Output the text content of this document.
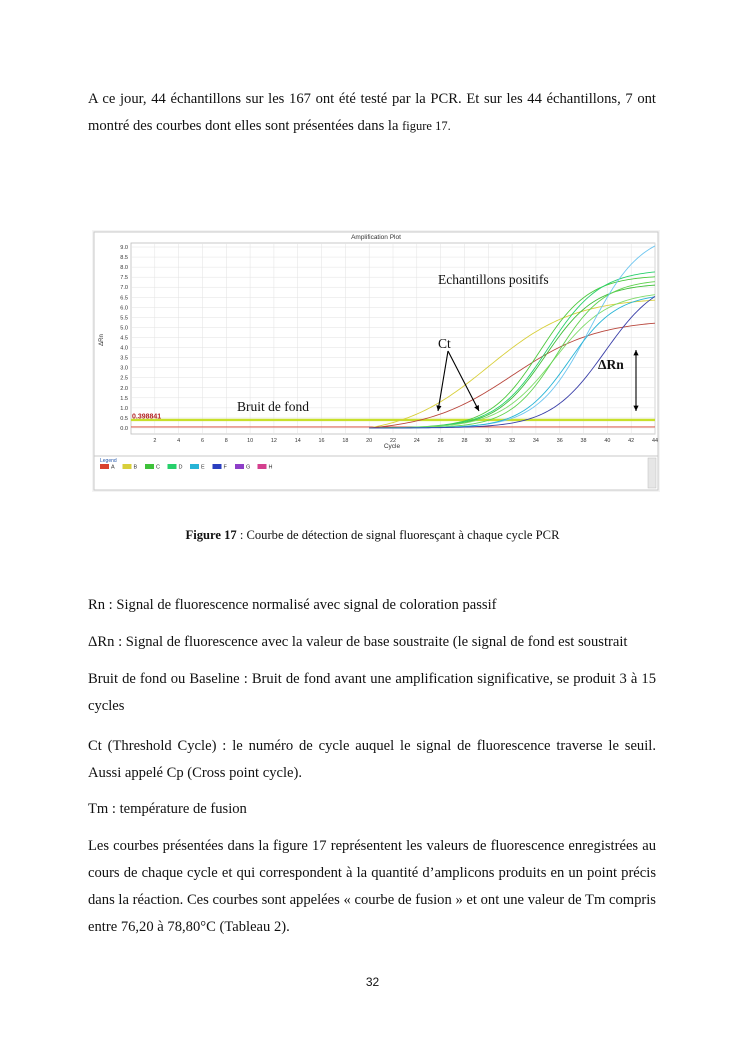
A ce jour, 44 échantillons sur les 167 ont été testé par la PCR. Et sur les 44 échantillons, 7 ont montré des courbes dont elles sont présentées dans la figure 17.

Amplification Plot
0.0
0.5
1.0
1.5
2.0
2.5
3.0
3.5
4.0
4.5
5.0
5.5
6.0
6.5
7.0
7.5
8.0
8.5
9.0
2	4	6	8	10	12	14	16	18	20	22	24	26	28	30	32	34	36	38	40	42	44
ΔRn
Cycle
0.398841
Echantillons positifs
Ct
ΔRn
Bruit de fond
Legend
A	B	C	D	E	F	G	H
Figure 17 : Courbe de détection de signal fluoresçant à chaque cycle PCR

Rn : Signal de fluorescence normalisé avec signal de coloration passif

ΔRn : Signal de fluorescence avec la valeur de base soustraite (le signal de fond est soustrait

Bruit de fond ou Baseline : Bruit de fond avant une amplification significative, se produit 3 à 15 cycles

Ct (Threshold Cycle) : le numéro de cycle auquel le signal de fluorescence traverse le seuil. Aussi appelé Cp (Cross point cycle).

Tm : température de fusion

Les courbes présentées dans la figure 17 représentent les valeurs de fluorescence enregistrées au cours de chaque cycle et qui correspondent à la quantité d’amplicons produits en un point précis dans la réaction. Ces courbes sont appelées « courbe de fusion » et ont une valeur de Tm compris entre 76,20 à 78,80°C (Tableau 2).

32
